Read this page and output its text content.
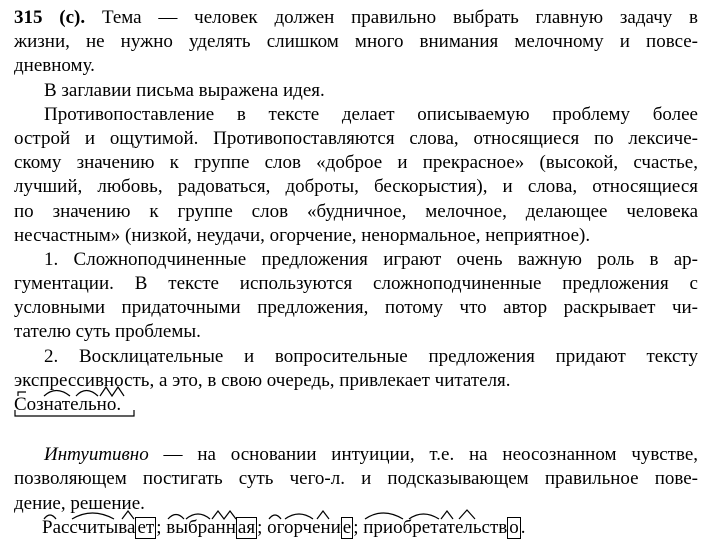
315 (с). Тема — человек должен правильно выбрать главную задачу в
жизни, не нужно уделять слишком много внимания мелочному и повсе-
дневному.
В заглавии письма выражена идея.
Противопоставление в тексте делает описываемую проблему более
острой и ощутимой. Противопоставляются слова, относящиеся по лексиче-
скому значению к группе слов «доброе и прекрасное» (высокой, счастье,
лучший, любовь, радоваться, доброты, бескорыстия), и слова, относящиеся
по значению к группе слов «будничное, мелочное, делающее человека
несчастным» (низкой, неудачи, огорчение, ненормальное, неприятное).
1. Сложноподчиненные предложения играют очень важную роль в ар-
гументации. В тексте используются сложноподчиненные предложения с
условными придаточными предложения, потому что автор раскрывает чи-
тателю суть проблемы.
2. Восклицательные и вопросительные предложения придают тексту
экспрессивность, а это, в свою очередь, привлекает читателя.
Сознательно
.
Интуитивно — на основании интуиции, т.е. на неосознанном чувстве,
позволяющем постигать суть чего-л. и подсказывающем правильное пове-
дение, решение.
Рассчитыва ет ;
выбранн ая ;
огорчени е ;
приобретательств о .
